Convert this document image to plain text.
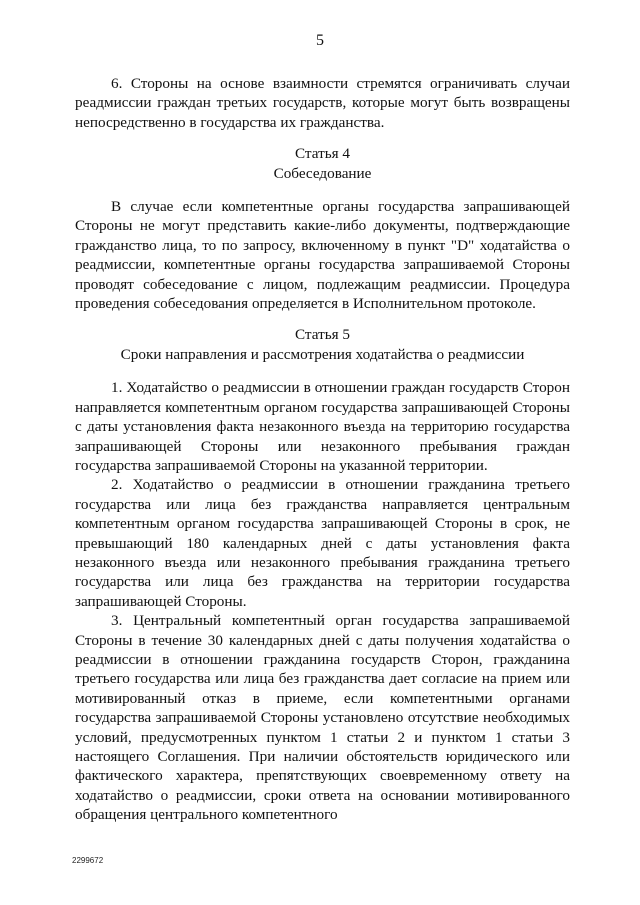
5

6. Стороны на основе взаимности стремятся ограничивать случаи реадмиссии граждан третьих государств, которые могут быть возвращены непосредственно в государства их гражданства.

Статья 4

Собеседование

В случае если компетентные органы государства запрашивающей Стороны не могут представить какие-либо документы, подтверждающие гражданство лица, то по запросу, включенному в пункт "D" ходатайства о реадмиссии, компетентные органы государства запрашиваемой Стороны проводят собеседование с лицом, подлежащим реадмиссии. Процедура проведения собеседования определяется в Исполнительном протоколе.

Статья 5

Сроки направления и рассмотрения ходатайства о реадмиссии

1. Ходатайство о реадмиссии в отношении граждан государств Сторон направляется компетентным органом государства запрашивающей Стороны с даты установления факта незаконного въезда на территорию государства запрашивающей Стороны или незаконного пребывания граждан государства запрашиваемой Стороны на указанной территории.

2. Ходатайство о реадмиссии в отношении гражданина третьего государства или лица без гражданства направляется центральным компетентным органом государства запрашивающей Стороны в срок, не превышающий 180 календарных дней с даты установления факта незаконного въезда или незаконного пребывания гражданина третьего государства или лица без гражданства на территории государства запрашивающей Стороны.

3. Центральный компетентный орган государства запрашиваемой Стороны в течение 30 календарных дней с даты получения ходатайства о реадмиссии в отношении гражданина государств Сторон, гражданина третьего государства или лица без гражданства дает согласие на прием или мотивированный отказ в приеме, если компетентными органами государства запрашиваемой Стороны установлено отсутствие необходимых условий, предусмотренных пунктом 1 статьи 2 и пунктом 1 статьи 3 настоящего Соглашения. При наличии обстоятельств юридического или фактического характера, препятствующих своевременному ответу на ходатайство о реадмиссии, сроки ответа на основании мотивированного обращения центрального компетентного

2299672
